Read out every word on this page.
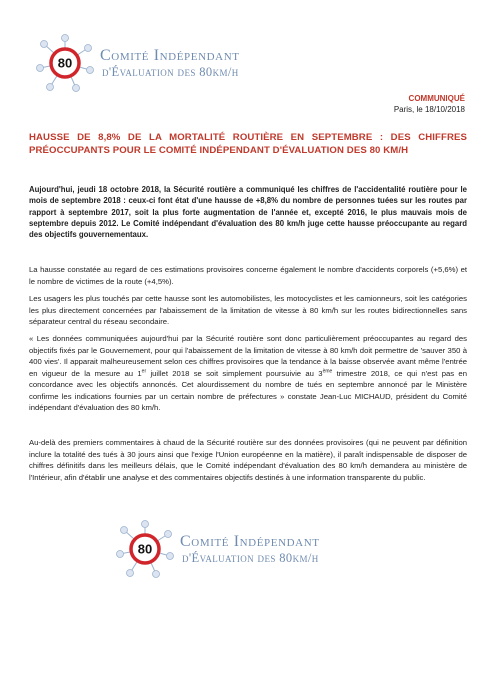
80 Comité Indépendant
d'Évaluation des 80km/h
COMMUNIQUÉ
Paris, le 18/10/2018
HAUSSE DE 8,8% DE LA MORTALITÉ ROUTIÈRE EN SEPTEMBRE : DES CHIFFRES PRÉOCCUPANTS POUR LE COMITÉ INDÉPENDANT D'ÉVALUATION DES 80 KM/H
Aujourd'hui, jeudi 18 octobre 2018, la Sécurité routière a communiqué les chiffres de l'accidentalité routière pour le mois de septembre 2018 : ceux-ci font état d'une hausse de +8,8% du nombre de personnes tuées sur les routes par rapport à septembre 2017, soit la plus forte augmentation de l'année et, excepté 2016, le plus mauvais mois de septembre depuis 2012. Le Comité indépendant d'évaluation des 80 km/h juge cette hausse préoccupante au regard des objectifs gouvernementaux.
La hausse constatée au regard de ces estimations provisoires concerne également le nombre d'accidents corporels (+5,6%) et le nombre de victimes de la route (+4,5%).
Les usagers les plus touchés par cette hausse sont les automobilistes, les motocyclistes et les camionneurs, soit les catégories les plus directement concernées par l'abaissement de la limitation de vitesse à 80 km/h sur les routes bidirectionnelles sans séparateur central du réseau secondaire.
« Les données communiquées aujourd'hui par la Sécurité routière sont donc particulièrement préoccupantes au regard des objectifs fixés par le Gouvernement, pour qui l'abaissement de la limitation de vitesse à 80 km/h doit permettre de 'sauver 350 à 400 vies'. Il apparait malheureusement selon ces chiffres provisoires que la tendance à la baisse observée avant même l'entrée en vigueur de la mesure au 1er juillet 2018 se soit simplement poursuivie au 3ème trimestre 2018, ce qui n'est pas en concordance avec les objectifs annoncés. Cet alourdissement du nombre de tués en septembre annoncé par le Ministère confirme les indications fournies par un certain nombre de préfectures » constate Jean-Luc MICHAUD, président du Comité indépendant d'évaluation des 80 km/h.
Au-delà des premiers commentaires à chaud de la Sécurité routière sur des données provisoires (qui ne peuvent par définition inclure la totalité des tués à 30 jours ainsi que l'exige l'Union européenne en la matière), il paraît indispensable de disposer de chiffres définitifs dans les meilleurs délais, que le Comité indépendant d'évaluation des 80 km/h demandera au ministère de l'Intérieur, afin d'établir une analyse et des commentaires objectifs destinés à une information transparente du public.
80 Comité Indépendant
d'Évaluation des 80km/h
